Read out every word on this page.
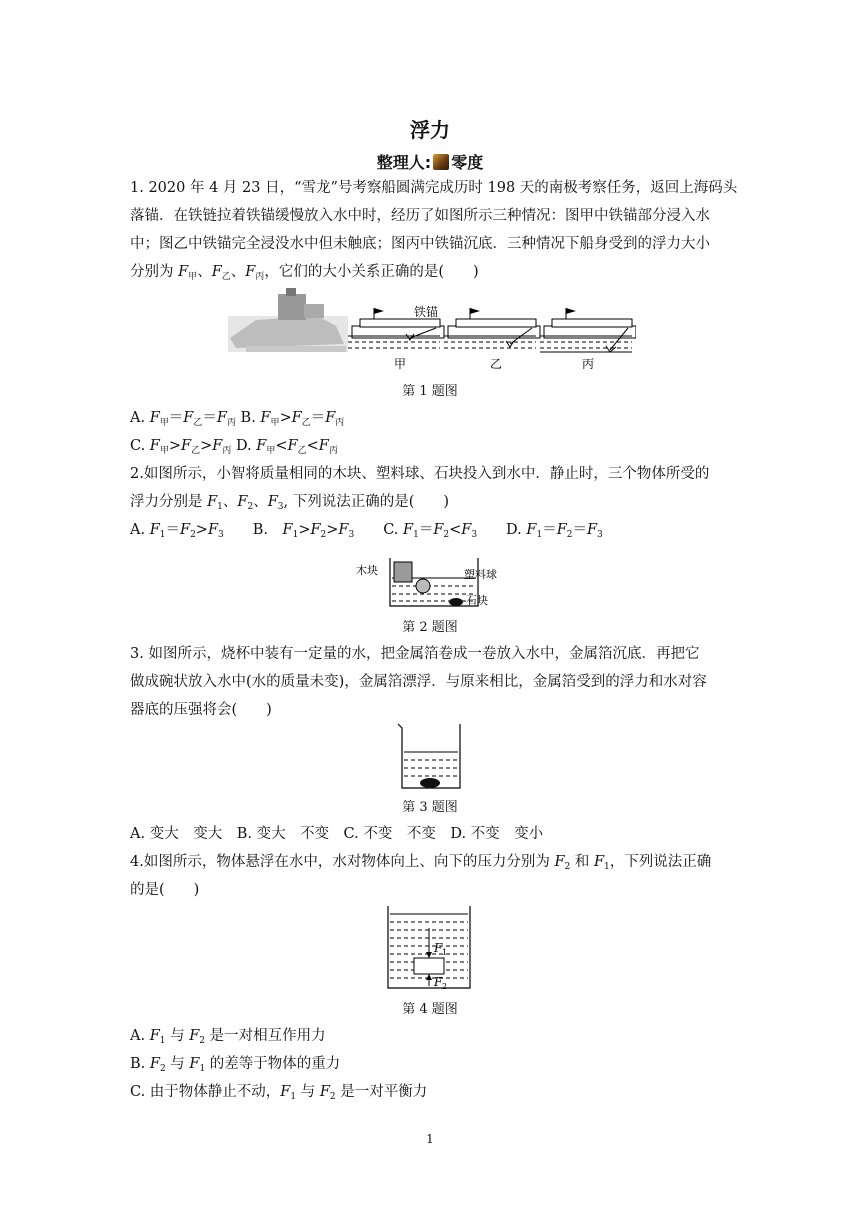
浮力
整理人: 零度
1. 2020 年 4 月 23 日，“雪龙”号考察船圆满完成历时 198 天的南极考察任务，返回上海码头
落锚．在铁链拉着铁锚缓慢放入水中时，经历了如图所示三种情况：图甲中铁锚部分浸入水
中；图乙中铁锚完全浸没水中但未触底；图丙中铁锚沉底．三种情况下船身受到的浮力大小
分别为 $F_甲$、$F_乙$、$F_丙$，它们的大小关系正确的是(　　)
铁锚
甲	乙	丙
第 1 题图
A. $F_甲=F_乙=F_丙$ B. $F_甲>F_乙=F_丙$
C. $F_甲>F_乙>F_丙$ D. $F_甲<F_乙<F_丙$
2.如图所示，小智将质量相同的木块、塑料球、石块投入到水中．静止时，三个物体所受的
浮力分别是 $F_1$、$F_2$、$F_3$, 下列说法正确的是(　　)
A. $F_1=F_2>F_3$　　B.　$F_1>F_2>F_3$　　C. $F_1=F_2<F_3$　　D. $F_1=F_2=F_3$
木块	塑料球
石块
第 2 题图
3. 如图所示，烧杯中装有一定量的水，把金属箔卷成一卷放入水中，金属箔沉底．再把它
做成碗状放入水中(水的质量未变)，金属箔漂浮．与原来相比，金属箔受到的浮力和水对容
器底的压强将会(　　)
第 3 题图
A. 变大　变大　B. 变大　不变　C. 不变　不变　D. 不变　变小
4.如图所示，物体悬浮在水中，水对物体向上、向下的压力分别为 $F_2$ 和 $F_1$，下列说法正确
的是(　　)
F 1
F 2
第 4 题图
A. $F_1$ 与 $F_2$ 是一对相互作用力
B. $F_2$ 与 $F_1$ 的差等于物体的重力
C. 由于物体静止不动，$F_1$ 与 $F_2$ 是一对平衡力
1
